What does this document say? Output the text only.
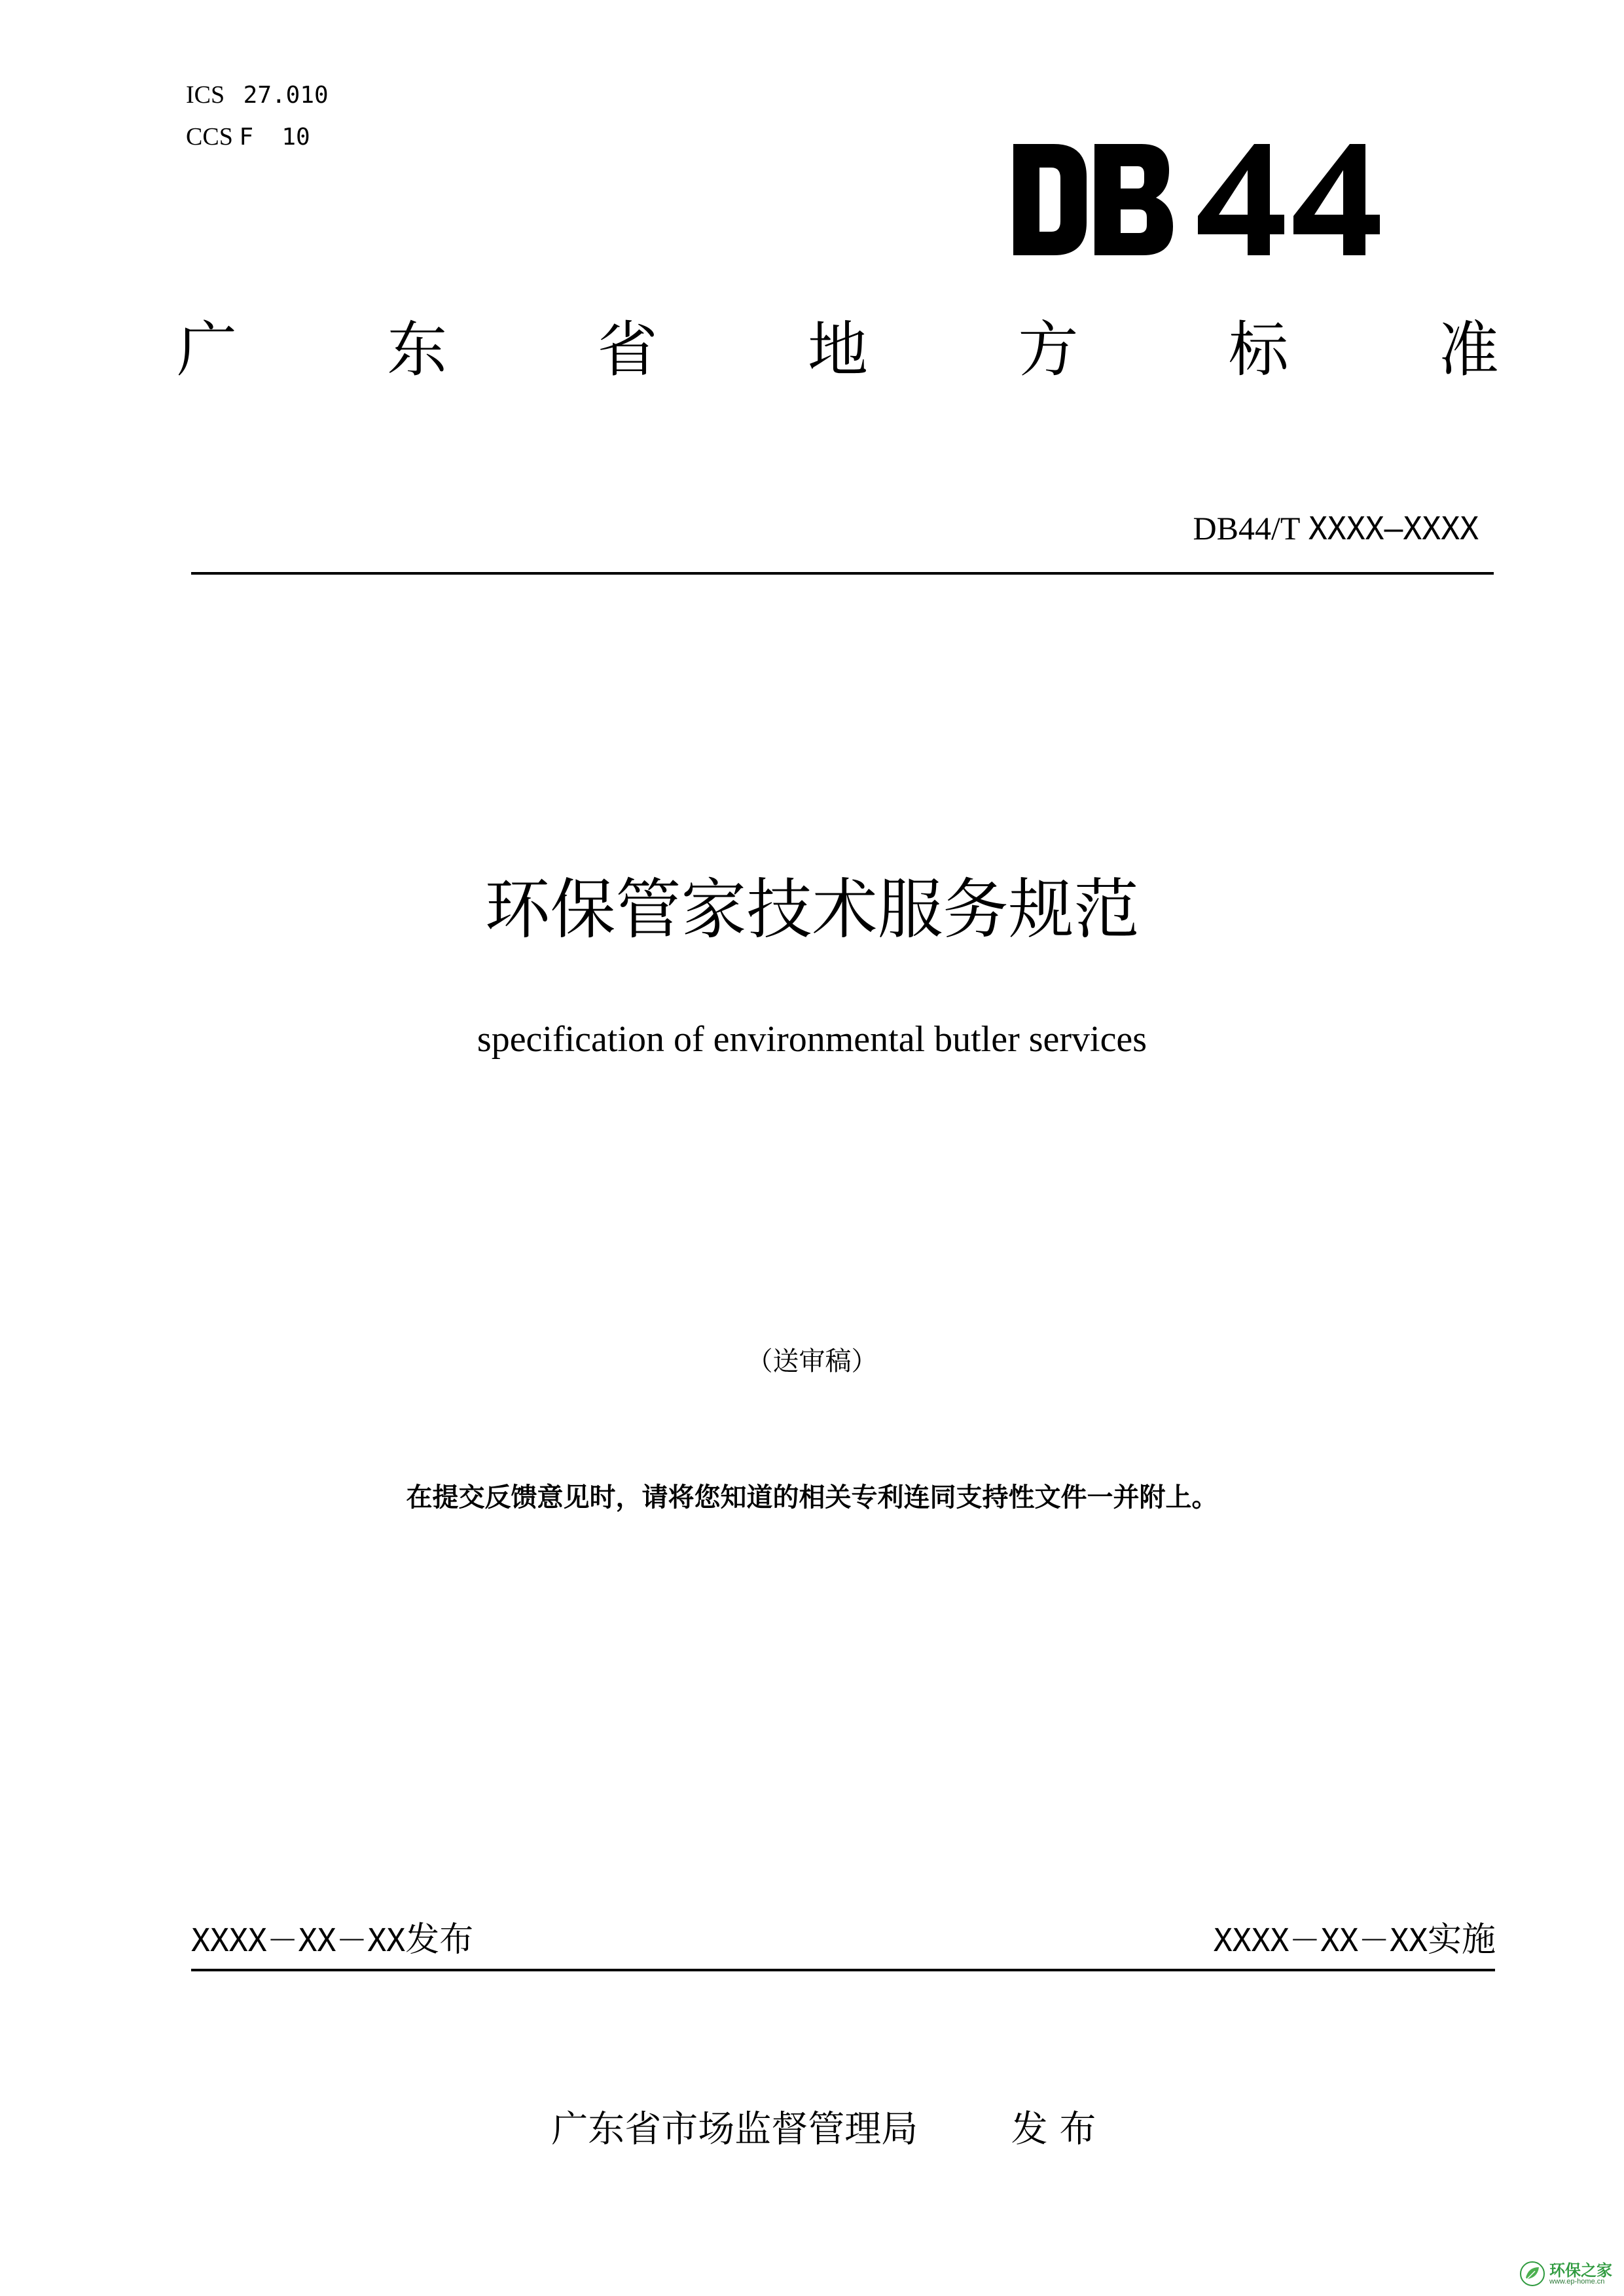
ICS 27.010
CCS F  10
广 东 省 地 方 标 准
DB44/T XXXX—XXXX
环保管家技术服务规范
specification of environmental butler services
（送审稿）
在提交反馈意见时，请将您知道的相关专利连同支持性文件一并附上。
XXXX－XX－XX发布	XXXX－XX－XX实施

广东省市场监督管理局	发 布

环保之家
www.ep-home.cn
